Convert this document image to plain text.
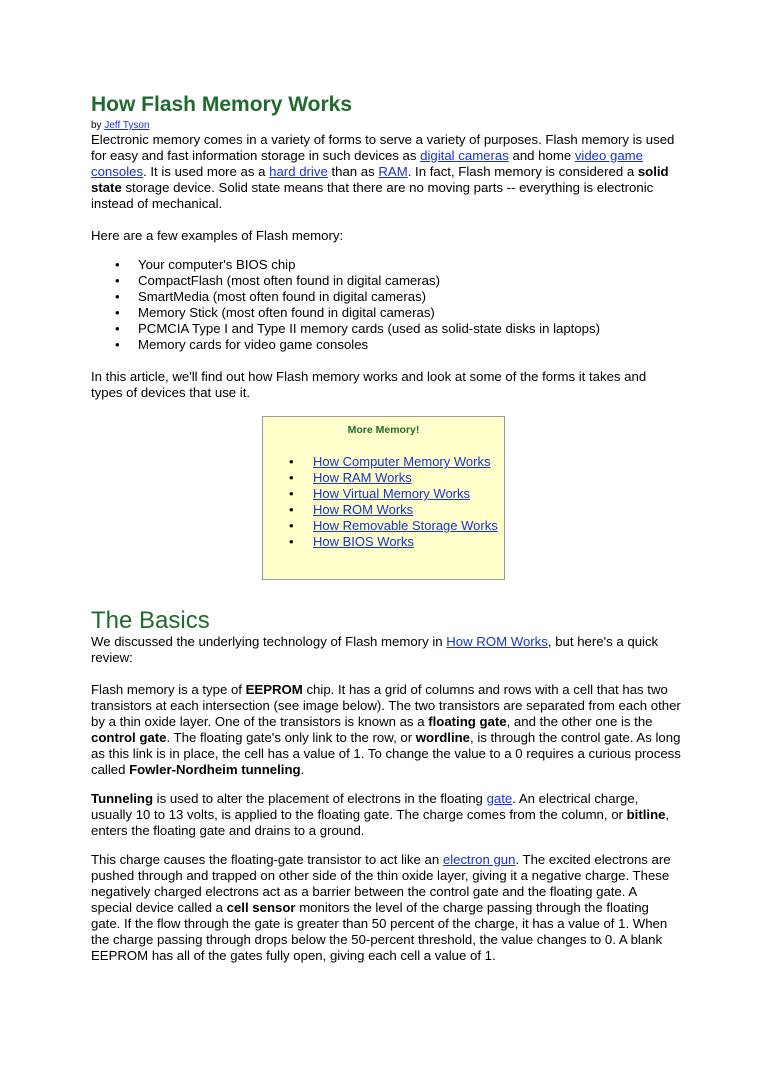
How Flash Memory Works
by Jeff Tyson

Electronic memory comes in a variety of forms to serve a variety of purposes. Flash memory is used for easy and fast information storage in such devices as digital cameras and home video game consoles. It is used more as a hard drive than as RAM. In fact, Flash memory is considered a solid state storage device. Solid state means that there are no moving parts -- everything is electronic instead of mechanical.

Here are a few examples of Flash memory:

• Your computer's BIOS chip
• CompactFlash (most often found in digital cameras)
• SmartMedia (most often found in digital cameras)
• Memory Stick (most often found in digital cameras)
• PCMCIA Type I and Type II memory cards (used as solid-state disks in laptops)
• Memory cards for video game consoles

In this article, we'll find out how Flash memory works and look at some of the forms it takes and types of devices that use it.

More Memory!
• How Computer Memory Works
• How RAM Works
• How Virtual Memory Works
• How ROM Works
• How Removable Storage Works
• How BIOS Works
The Basics

We discussed the underlying technology of Flash memory in How ROM Works, but here's a quick review:

Flash memory is a type of EEPROM chip. It has a grid of columns and rows with a cell that has two transistors at each intersection (see image below). The two transistors are separated from each other by a thin oxide layer. One of the transistors is known as a floating gate, and the other one is the control gate. The floating gate's only link to the row, or wordline, is through the control gate. As long as this link is in place, the cell has a value of 1. To change the value to a 0 requires a curious process called Fowler-Nordheim tunneling.

Tunneling is used to alter the placement of electrons in the floating gate. An electrical charge, usually 10 to 13 volts, is applied to the floating gate. The charge comes from the column, or bitline, enters the floating gate and drains to a ground.

This charge causes the floating-gate transistor to act like an electron gun. The excited electrons are pushed through and trapped on other side of the thin oxide layer, giving it a negative charge. These negatively charged electrons act as a barrier between the control gate and the floating gate. A special device called a cell sensor monitors the level of the charge passing through the floating gate. If the flow through the gate is greater than 50 percent of the charge, it has a value of 1. When the charge passing through drops below the 50-percent threshold, the value changes to 0. A blank EEPROM has all of the gates fully open, giving each cell a value of 1.
